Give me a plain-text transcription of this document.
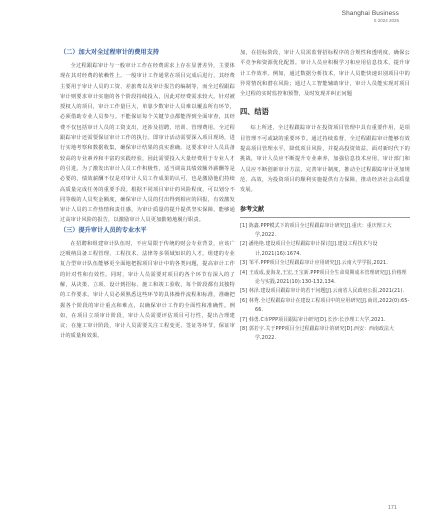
Shanghai Business
5 2024 2025
（二）加大对全过程审计的费用支持

全过程跟踪审计与一般审计工作在经费需求上存在显著差异，主要体现在其对经费的依赖性上。一般审计工作通常在项目完成后进行，其经费主要用于审计人员的工资、差旅费以及审计报告的编制等，而全过程跟踪审计则要求审计实施的各个阶段持续投入，因此对经费需求较大。针对被授权人的项目，审计工作量巨大，单靠少数审计人员难以覆盖所有环节，必须借助专业人员参与。不能保证每个关键节点都能得到全面审查，其经费不仅包括审计人员的工资支出，还涉及招聘、培训、管理费用。全过程跟踪审计还需要保证审计工作的执行。即审计活动需要深入项目现场，进行实地考察和数据收集，确保审计结果的真实准确。这要求审计人员具备较高的专业素养和丰富的实践经验，因此需要投入大量经费用于专业人才的引进。为了激发出审计人员工作积极性，适当调高其绩效额外薪酬等是必要的，绩效薪酬不仅是对审计人员工作成果的认可，也是激励他们持续高质量完成任务的重要手段。根据不同项目审计的风险程度，可以划分不同等级的人员奖金额度，确保审计人员的付出得到相应的回报，有效激发审计人员的工作热情和责任感，为审计质量的提升提供坚实保障，能够通过高审计风险的报告，以激励审计人员更加勤勉地履行职责。

（三）提升审计人员的专业水平

在招聘和组建审计队伍时，不应局限于传统的财会专业背景，应该广泛吸纳具备工程管理、工程技术、法律等多领域知识的人才。组建的专业复合型审计队伍能够更全面地把握项目审计中的各类问题，提高审计工作的针对性和有效性。同时，审计人员需要对项目的各个环节有深入的了解，从决策、立项、设计到招标、施工和竣工验收，每个阶段都有其独特的工作要求。审计人员必须熟悉这些环节的具体操作流程和标准，准确把握各个阶段的审计重点和难点，以确保审计工作的全面性和准确性。例如，在项目立项审计阶段，审计人员需要评估项目可行性，提出合理建议；在施工审计阶段，审计人员需要关注工程变更、签证等环节，保证审计的质量和效果。

加，在招标阶段，审计人员需监督招标程序的合规性和透明度，确保公平竞争和资源优化配置。审计人员应积极学习和应用信息技术，提升审计工作效率。例如，通过数据分析技术，审计人员能快速识别项目中的异常情况和潜在风险；通过人工智能辅助审计，审计人员能实现对项目全过程的实时监控和预警，及时发现并纠正问题

四、结语

综上所述，全过程跟踪审计在投资项目管理中具有重要作用，是项目管理不可或缺的重要环节。通过持续监督，全过程跟踪审计能够有效提高项目管理水平，降低项目风险，并提高投资效益。面对新时代下的挑战，审计人员应不断提升专业素养，加强信息技术应用，审计部门和人员应不断创新审计方法，完善审计制度，推动全过程跟踪审计更加规范、高效，为投资项目的顺利实施提供有力保障，推动经济社会高质量发展。

参考文献

[1] 陈鑫.PPP模式下的项目全过程跟踪审计研究[J].重庆：重庆理工大学,2022.

[2] 潘艳艳.建设项目全过程跟踪审计探讨[J].建设工程技术与设计,2021(16):1674.

[3] 邹平.PPP项目全过程跟踪审计应用研究[J].云南大学学报,2021.

[4] 王成成,姜海龙,王宏,王宝新.PPP项目全生命周期成本管理研究[J].价格理论与实践,2021(10):130-132,134.

[5] 林泽.建设项目跟踪审计的若干问题[J].云南省人民政府公报,2021(21).

[6] 林秀.全过程跟踪审计在建设工程项目中的应用研究[J].商讯,2022(0):65-66.

[7] 韩勇.C市PPP项目跟踪审计研究[D].长沙:长沙理工大学,2021.

[8] 郭若宇.关于PPP项目全过程跟踪审计的研究[D].西安：西南政法大学,2022.

171
